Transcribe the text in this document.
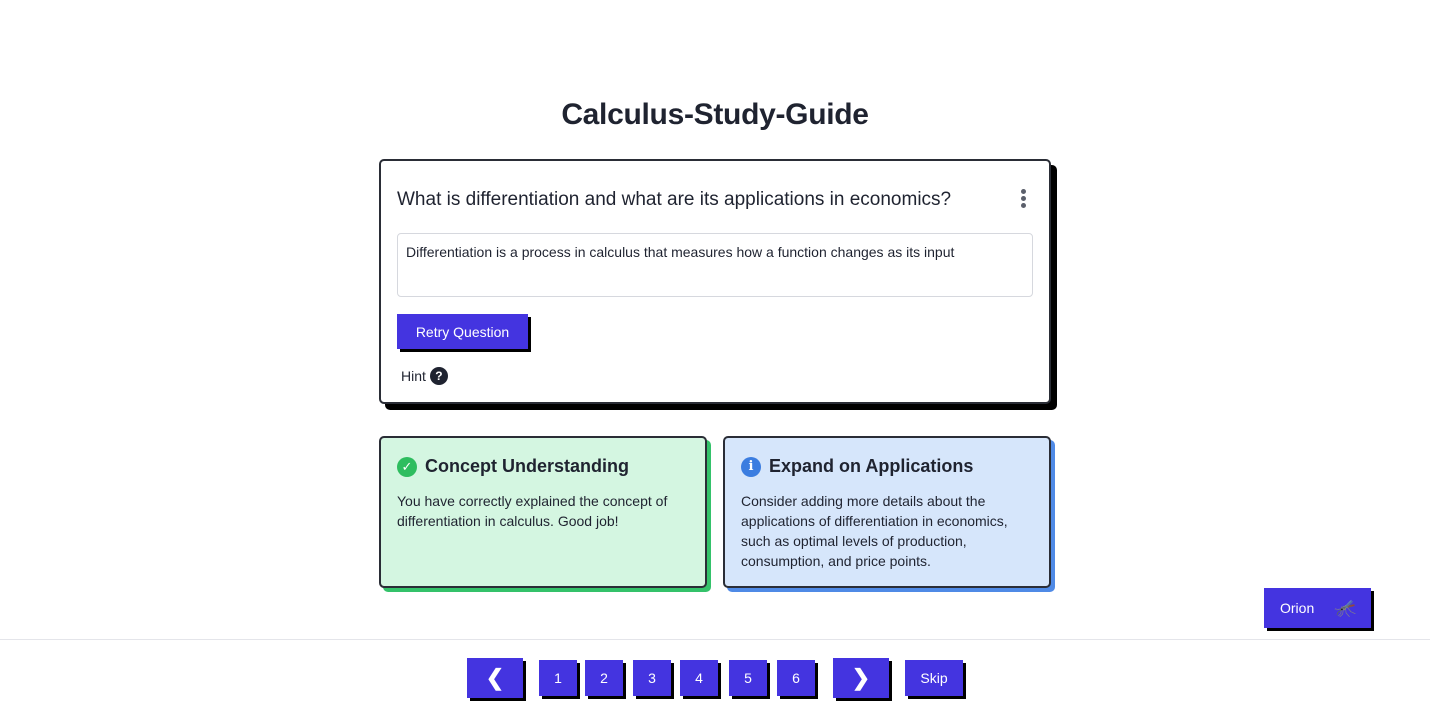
Calculus-Study-Guide
What is differentiation and what are its applications in economics?
Differentiation is a process in calculus that measures how a function changes as its input
Retry Question
Hint ?
✓ Concept Understanding
You have correctly explained the concept of differentiation in calculus. Good job!
i Expand on Applications
Consider adding more details about the applications of differentiation in economics, such as optimal levels of production, consumption, and price points.
Orion 🦟
❮	1	2	3	4	5	6	❯	Skip
